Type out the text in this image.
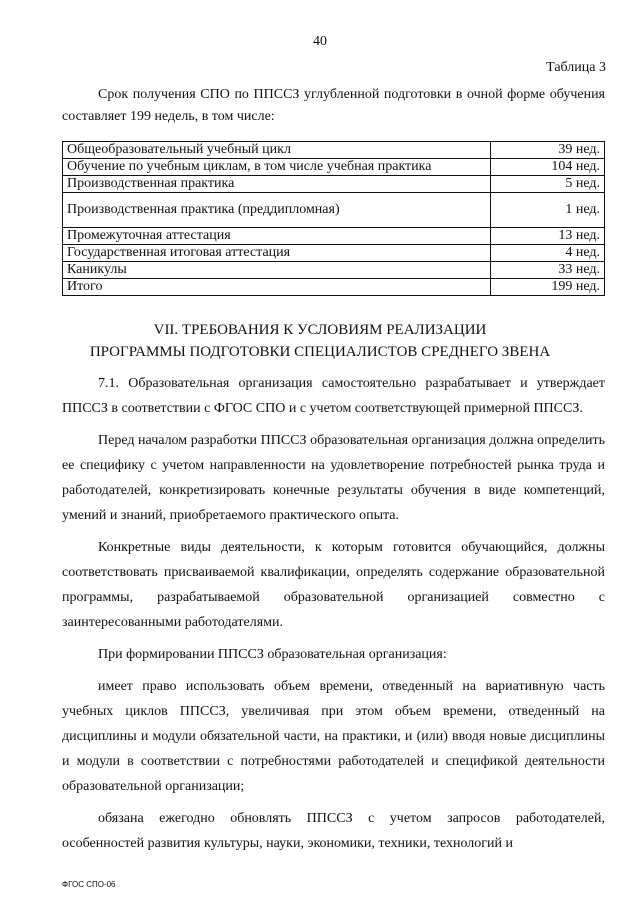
40
Таблица 3

Срок получения СПО по ППССЗ углубленной подготовки в очной форме обучения составляет 199 недель, в том числе:

Общеобразовательный учебный цикл	39 нед.
Обучение по учебным циклам, в том числе учебная практика	104 нед.
Производственная практика	5 нед.
Производственная практика (преддипломная)	1 нед.
Промежуточная аттестация	13 нед.
Государственная итоговая аттестация	4 нед.
Каникулы	33 нед.
Итого	199 нед.
VII. ТРЕБОВАНИЯ К УСЛОВИЯМ РЕАЛИЗАЦИИ
ПРОГРАММЫ ПОДГОТОВКИ СПЕЦИАЛИСТОВ СРЕДНЕГО ЗВЕНА

7.1. Образовательная организация самостоятельно разрабатывает и утверждает ППССЗ в соответствии с ФГОС СПО и с учетом соответствующей примерной ППССЗ.

Перед началом разработки ППССЗ образовательная организация должна определить ее специфику с учетом направленности на удовлетворение потребностей рынка труда и работодателей, конкретизировать конечные результаты обучения в виде компетенций, умений и знаний, приобретаемого практического опыта.

Конкретные виды деятельности, к которым готовится обучающийся, должны соответствовать присваиваемой квалификации, определять содержание образовательной программы, разрабатываемой образовательной организацией совместно с заинтересованными работодателями.

При формировании ППССЗ образовательная организация:

имеет право использовать объем времени, отведенный на вариативную часть учебных циклов ППССЗ, увеличивая при этом объем времени, отведенный на дисциплины и модули обязательной части, на практики, и (или) вводя новые дисциплины и модули в соответствии с потребностями работодателей и спецификой деятельности образовательной организации;

обязана ежегодно обновлять ППССЗ с учетом запросов работодателей, особенностей развития культуры, науки, экономики, техники, технологий и

ФГОС СПО-06
